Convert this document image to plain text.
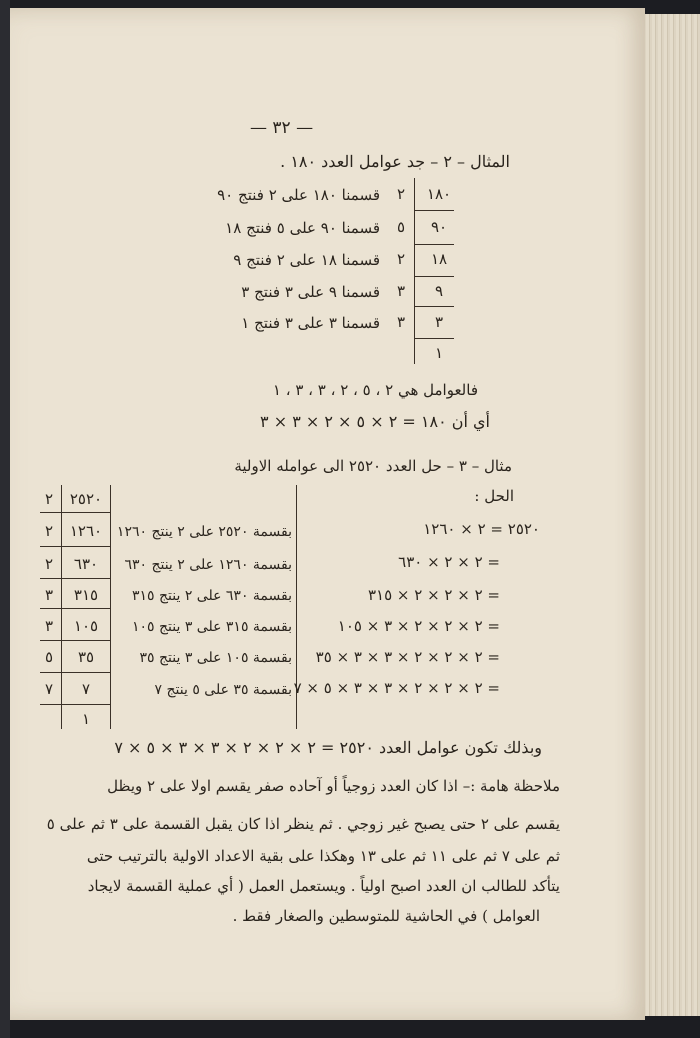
— ٣٢ —
المثال – ٢ – جد عوامل العدد ١٨٠ .
١٨٠
٩٠
١٨
٩
٣
١
٢
٥
٢
٣
٣
قسمنا ١٨٠ على ٢ فنتج ٩٠
قسمنا ٩٠ على ٥ فنتج ١٨
قسمنا ١٨ على ٢ فنتج ٩
قسمنا ٩ على ٣ فنتج ٣
قسمنا ٣ على ٣ فنتج ١
فالعوامل هي ٢ ، ٥ ، ٢ ، ٣ ، ٣ ، ١
أي أن ١٨٠ = ٢ × ٥ × ٢ × ٣ × ٣
مثال – ٣ – حل العدد ٢٥٢٠ الى عوامله الاولية
الحل :
٢
٢
٢
٣
٣
٥
٧
٢٥٢٠
١٢٦٠
٦٣٠
٣١٥
١٠٥
٣٥
٧
١
بقسمة ٢٥٢٠ على ٢ ينتج ١٢٦٠
بقسمة ١٢٦٠ على ٢ ينتج ٦٣٠
بقسمة ٦٣٠ على ٢ ينتج ٣١٥
بقسمة ٣١٥ على ٣ ينتج ١٠٥
بقسمة ١٠٥ على ٣ ينتج ٣٥
بقسمة ٣٥ على ٥ ينتج ٧
٢٥٢٠ = ٢ × ١٢٦٠
= ٢ × ٢ × ٦٣٠
= ٢ × ٢ × ٢ × ٣١٥
= ٢ × ٢ × ٢ × ٣ × ١٠٥
= ٢ × ٢ × ٢ × ٣ × ٣ × ٣٥
= ٢ × ٢ × ٢ × ٣ × ٣ × ٥ × ٧
وبذلك تكون عوامل العدد ٢٥٢٠ = ٢ × ٢ × ٢ × ٣ × ٣ × ٥ × ٧
ملاحظة هامة :– اذا كان العدد زوجياً أو آحاده صفر يقسم اولا على ٢ ويظل
يقسم على ٢ حتى يصبح غير زوجي . ثم ينظر اذا كان يقبل القسمة على ٣ ثم على ٥
ثم على ٧ ثم على ١١ ثم على ١٣ وهكذا على بقية الاعداد الاولية بالترتيب حتى
يتأكد للطالب ان العدد اصبح اولياً . ويستعمل العمل ( أي عملية القسمة لايجاد
العوامل ) في الحاشية للمتوسطين والصغار فقط .
